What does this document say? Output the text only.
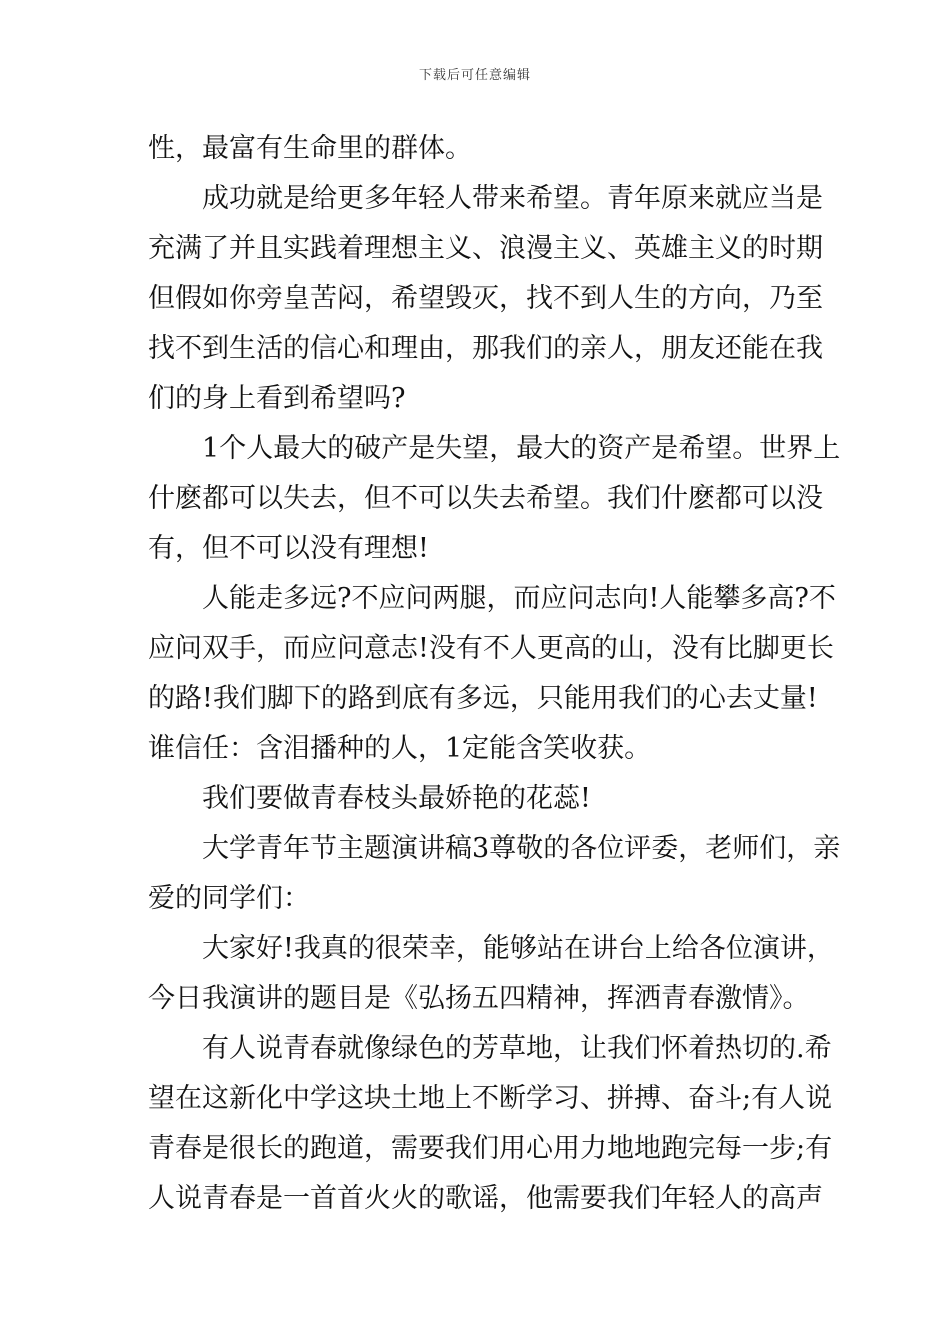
下载后可任意编辑
性，最富有生命里的群体。
成 功 就 是 给 更 多 年 轻 人 带 来 希 望 。 青 年 原 来 就 应 当 是
充 满 了 并 且 实 践 着 理 想 主 义 、 浪 漫 主 义 、 英 雄 主 义 的 时 期
但 假 如 你 旁 皇 苦 闷 ， 希 望 毁 灭 ， 找 不 到 人 生 的 方 向 ， 乃 至
找 不 到 生 活 的 信 心 和 理 由 ， 那 我 们 的 亲 人 ， 朋 友 还 能 在 我
们的身上看到希望吗?
1 个 人 最 大 的 破 产 是 失 望 ， 最 大 的 资 产 是 希 望 。 世 界 上
什 麽 都 可 以 失 去 ， 但 不 可 以 失 去 希 望 。 我 们 什 麽 都 可 以 没
有，但不可以没有理想!
人 能 走 多 远 ? 不 应 问 两 腿 ， 而 应 问 志 向 ! 人 能 攀 多 高 ? 不
应 问 双 手 ， 而 应 问 意 志 ! 没 有 不 人 更 高 的 山 ， 没 有 比 脚 更 长
的 路 ! 我 们 脚 下 的 路 到 底 有 多 远 ， 只 能 用 我 们 的 心 去 丈 量 !
谁信任：含泪播种的人，1定能含笑收获。
我们要做青春枝头最娇艳的花蕊!
大 学 青 年 节 主 题 演 讲 稿 3 尊 敬 的 各 位 评 委 ， 老 师 们 ， 亲
爱的同学们：
大 家 好 ! 我 真 的 很 荣 幸 ， 能 够 站 在 讲 台 上 给 各 位 演 讲 ，
今日我演讲的题目是《弘扬五四精神，挥洒青春激情》。
有 人 说 青 春 就 像 绿 色 的 芳 草 地 ， 让 我 们 怀 着 热 切 的 . 希
望 在 这 新 化 中 学 这 块 土 地 上 不 断 学 习 、 拼 搏 、 奋 斗 ; 有 人 说
青 春 是 很 长 的 跑 道 ， 需 要 我 们 用 心 用 力 地 地 跑 完 每 一 步 ; 有
人 说 青 春 是 一 首 首 火 火 的 歌 谣 ， 他 需 要 我 们 年 轻 人 的 高 声
